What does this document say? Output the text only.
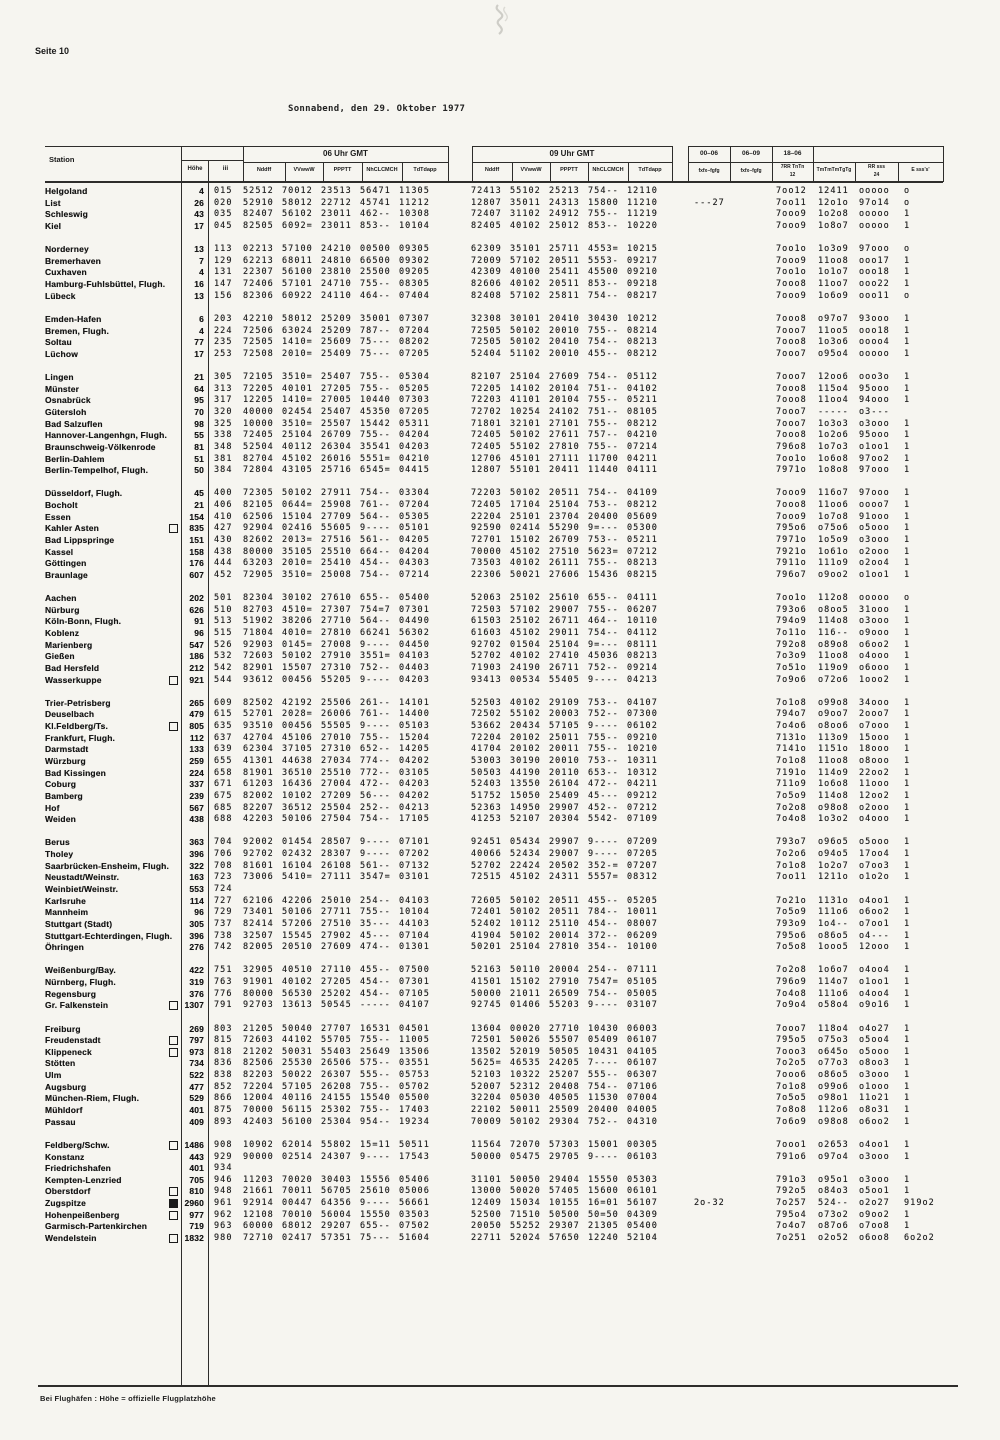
Seite 10
Sonnabend, den 29. Oktober 1977
Station
Höhe	iii
06 Uhr GMT	09 Uhr GMT
Nddff	VVwwW	PPPTT	NhCLCMCH	TdTdapp	Nddff	VVwwW	PPPTT	NhCLCMCH	TdTdapp
00–06	06–09	18–06
fxfx–fgfg	fxfx–fgfg
7RR TnTn
12
TmTmTmTgTg	RR sss
24
E sss's'
Helgoland	4 015	52512 70012 23513 56471 11305	72413 55102 25213 754-- 12110	7oo12 12411 ooooo o
List	26 020	52910 58012 22712 45741 11212	12807 35011 24313 15800 11210	---27	7oo11 12o1o 97o14 o
Schleswig	43 035	82407 56102 23011 462-- 10308	72407 31102 24912 755-- 11219	7ooo9 1o2o8 ooooo 1
Kiel	17 045	82505 6092= 23011 853-- 10104	82405 40102 25012 853-- 10220	7ooo9 1o8o7 ooooo 1
Norderney	13 113	02213 57100 24210 00500 09305	62309 35101 25711 4553= 10215	7oo1o 1o3o9 97ooo o
Bremerhaven	7 129	62213 68011 24810 66500 09302	72009 57102 20511 5553- 09217	7ooo9 11oo8 ooo17 1
Cuxhaven	4 131	22307 56100 23810 25500 09205	42309 40100 25411 45500 09210	7oo1o 1o1o7 ooo18 1
Hamburg-Fuhlsbüttel, Flugh.	16 147	72406 57101 24710 755-- 08305	82606 40102 20511 853-- 09218	7ooo8 11oo7 ooo22 1
Lübeck	13 156	82306 60922 24110 464-- 07404	82408 57102 25811 754-- 08217	7ooo9 1o6o9 ooo11 o
Emden-Hafen	6 203	42210 58012 25209 35001 07307	32308 30101 20410 30430 10212	7ooo8 o97o7 93ooo 1
Bremen, Flugh.	4 224	72506 63024 25209 787-- 07204	72505 50102 20010 755-- 08214	7ooo7 11oo5 ooo18 1
Soltau	77 235	72505 1410= 25609 75--- 08202	72505 50102 20410 754-- 08213	7ooo8 1o3o6 oooo4 1
Lüchow	17 253	72508 2010= 25409 75--- 07205	52404 51102 20010 455-- 08212	7ooo7 o95o4 ooooo 1
Lingen	21 305	72105 3510= 25407 755-- 05304	82107 25104 27609 754-- 05112	7ooo7 12oo6 ooo3o 1
Münster	64 313	72205 40101 27205 755-- 05205	72205 14102 20104 751-- 04102	7ooo8 115o4 95ooo 1
Osnabrück	95 317	12205 1410= 27005 10440 07303	72203 41101 20104 755-- 05211	7ooo8 11oo4 94ooo 1
Gütersloh	70 320	40000 02454 25407 45350 07205	72702 10254 24102 751-- 08105	7ooo7 ----- o3---
Bad Salzuflen	98 325	10000 3510= 25507 15442 05311	71801 32101 27101 755-- 08212	7ooo7 1o3o3 o3ooo 1
Hannover-Langenhgn, Flugh.	55 338	72405 25104 26709 755-- 04204	72405 50102 27611 757-- 04210	7ooo8 1o2o6 95ooo 1
Braunschweig-Völkenrode	81 348	52504 40112 26304 35541 04203	72405 55102 27810 755-- 07214	796o8 1o7o3 o1oo1 1
Berlin-Dahlem	51 381	82704 45102 26016 5551= 04210	12706 45101 27111 11700 04211	7oo1o 1o6o8 97oo2 1
Berlin-Tempelhof, Flugh.	50 384	72804 43105 25716 6545= 04415	12807 55101 20411 11440 04111	7971o 1o8o8 97ooo 1
Düsseldorf, Flugh.	45 400	72305 50102 27911 754-- 03304	72203 50102 20511 754-- 04109	7ooo9 116o7 97ooo 1
Bocholt	21 406	82105 0644= 25908 761-- 07204	72405 17104 25104 753-- 08212	7ooo8 11oo6 oooo7 1
Essen	154 410	62506 15104 27709 564-- 05305	22204 25101 23704 20400 05609	7ooo9 1o7o8 91ooo 1
Kahler Asten	835 427	92904 02416 55605 9---- 05101	92590 02414 55290 9=--- 05300	795o6 o75o6 o5ooo 1
Bad Lippspringe	151 430	82602 2013= 27516 561-- 04205	72701 15102 26709 753-- 05211	7971o 1o5o9 o3ooo 1
Kassel	158 438	80000 35105 25510 664-- 04204	70000 45102 27510 5623= 07212	7921o 1o61o o2ooo 1
Göttingen	176 444	63203 2010= 25410 454-- 04303	73503 40102 26111 755-- 08213	7911o 111o9 o2oo4 1
Braunlage	607 452	72905 3510= 25008 754-- 07214	22306 50021 27606 15436 08215	796o7 o9oo2 o1oo1 1
Aachen	202 501	82304 30102 27610 655-- 05400	52063 25102 25610 655-- 04111	7oo1o 112o8 ooooo o
Nürburg	626 510	82703 4510= 27307 754=7 07301	72503 57102 29007 755-- 06207	793o6 o8oo5 31ooo 1
Köln-Bonn, Flugh.	91 513	51902 38206 27710 564-- 04490	61503 25102 26711 464-- 10110	794o9 114o8 o3ooo 1
Koblenz	96 515	71804 4010= 27810 66241 56302	61603 45102 29011 754-- 04112	7o11o 116-- o9ooo 1
Marienberg	547 526	92903 0145= 27008 9---- 04450	92702 01504 25104 9=--- 08111	792o8 o89o8 o6oo2 1
Gießen	186 532	72603 50102 27910 3551= 04103	52702 40102 27410 45036 08213	7o3o9 11oo8 o4ooo 1
Bad Hersfeld	212 542	82901 15507 27310 752-- 04403	71903 24190 26711 752-- 09214	7o51o 119o9 o6ooo 1
Wasserkuppe	921 544	93612 00456 55205 9---- 04203	93413 00534 55405 9---- 04213	7o9o6 o72o6 1ooo2 1
Trier-Petrisberg	265 609	82502 42192 25506 261-- 14101	52503 40102 29109 753-- 04107	7o1o8 o99o8 34ooo 1
Deuselbach	479 615	52701 2028= 26006 761-- 14400	72502 55102 20003 752-- 07300	794o7 o9oo7 2ooo7 1
Kl.Feldberg/Ts.	805 635	93510 00456 55505 9---- 05103	53662 20434 57105 9---- 06102	7o4o6 o8oo6 o7ooo 1
Frankfurt, Flugh.	112 637	42704 45106 27010 755-- 15204	72204 20102 25011 755-- 09210	7131o 113o9 15ooo 1
Darmstadt	133 639	62304 37105 27310 652-- 14205	41704 20102 20011 755-- 10210	7141o 1151o 18ooo 1
Würzburg	259 655	41301 44638 27034 774-- 04202	53003 30190 20010 753-- 10311	7o1o8 11oo8 o8ooo 1
Bad Kissingen	224 658	81901 36510 25510 772-- 03105	50503 44190 20110 653-- 10312	7191o 114o9 22oo2 1
Coburg	337 671	61203 16436 27004 472-- 04203	52403 13550 26104 472-- 04211	711o9 1o6o8 11ooo 1
Bamberg	239 675	82002 10102 27209 56--- 04202	51752 15050 25409 45--- 09212	7o5o9 114o8 12oo2 1
Hof	567 685	82207 36512 25504 252-- 04213	52363 14950 29907 452-- 07212	7o2o8 o98o8 o2ooo 1
Weiden	438 688	42203 50106 27504 754-- 17105	41253 52107 20304 5542- 07109	7o4o8 1o3o2 o4ooo 1
Berus	363 704	92002 01454 28507 9---- 07101	92451 05434 29907 9---- 07209	793o7 o96o5 o5ooo 1
Tholey	396 706	92702 02432 28307 9---- 07202	40066 52434 29007 9---- 07205	7o2o6 o94o5 17oo4 1
Saarbrücken-Ensheim, Flugh.	322 708	81601 16104 26108 561-- 07132	52702 22424 20502 352-= 07207	7o1o8 1o2o7 o7oo3 1
Neustadt/Weinstr.	163 723	73006 5410= 27111 3547= 03101	72515 45102 24311 5557= 08312	7oo11 1211o o1o2o 1
Weinbiet/Weinstr.	553 724
Karlsruhe	114 727	62106 42206 25010 254-- 04103	72605 50102 20511 455-- 05205	7o21o 1131o o4oo1 1
Mannheim	96 729	73401 50106 27711 755-- 10104	72401 50102 20511 784-- 10011	7o5o9 111o6 o6oo2 1
Stuttgart (Stadt)	305 737	82414 57206 27510 35--- 44103	52402 10112 25110 454-- 08007	793o9 1o4-- o7oo1 1
Stuttgart-Echterdingen, Flugh.	396 738	32507 15545 27902 45--- 07104	41904 50102 20014 372-- 06209	795o6 o86o5 o4--- 1
Öhringen	276 742	82005 20510 27609 474-- 01301	50201 25104 27810 354-- 10100	7o5o8 1ooo5 12ooo 1
Weißenburg/Bay.	422 751	32905 40510 27110 455-- 07500	52163 50110 20004 254-- 07111	7o2o8 1o6o7 o4oo4 1
Nürnberg, Flugh.	319 763	91901 40102 27205 454-- 07301	41501 15102 27910 7547= 05105	796o9 114o7 o1oo1 1
Regensburg	376 776	80000 56530 25202 454-- 07105	50000 21011 26509 754-- 05005	7o4o8 111o6 o4oo4 1
Gr. Falkenstein	1307 791	92703 13613 50545 ----- 04107	92745 01406 55203 9---- 03107	7o9o4 o58o4 o9o16 1
Freiburg	269 803	21205 50040 27707 16531 04501	13604 00020 27710 10430 06003	7ooo7 118o4 o4o27 1
Freudenstadt	797 815	72603 44102 55705 755-- 11005	72501 50026 55507 05409 06107	795o5 o75o3 o5oo4 1
Klippeneck	973 818	21202 50031 55403 25649 13506	13502 52019 50505 10431 04105	7ooo3 o645o o5ooo 1
Stötten	734 836	82506 25530 26506 575-- 03551	5625= 46535 24205 7---- 06107	7o2o5 o77o3 o8oo3 1
Ulm	522 838	82203 50022 26307 555-- 05753	52103 10322 25207 555-- 06307	7ooo6 o86o5 o3ooo 1
Augsburg	477 852	72204 57105 26208 755-- 05702	52007 52312 20408 754-- 07106	7o1o8 o99o6 o1ooo 1
München-Riem, Flugh.	529 866	12004 40116 24155 15540 05500	32204 05030 40505 11530 07004	7o5o5 o98o1 11o21 1
Mühldorf	401 875	70000 56115 25302 755-- 17403	22102 50011 25509 20400 04005	7o8o8 112o6 o8o31 1
Passau	409 893	42403 56100 25304 954-- 19234	70009 50102 29304 752-- 04310	7o6o9 o98o8 o6oo2 1
Feldberg/Schw.	1486 908	10902 62014 55802 15=11 50511	11564 72070 57303 15001 00305	7ooo1 o2653 o4oo1 1
Konstanz	443 929	90000 02514 24307 9---- 17543	50000 05475 29705 9---- 06103	791o6 o97o4 o3ooo 1
Friedrichshafen	401 934
Kempten-Lenzried	705 946	11203 70020 30403 15556 05406	31101 50050 29404 15550 05303	791o3 o95o1 o3ooo 1
Oberstdorf	810 948	21661 70011 56705 25610 05006	13000 50020 57405 15600 06101	792o5 o84o3 o5oo1 1
Zugspitze	2960 961	92914 00447 64356 9---- 56661	12409 15034 10155 16=01 56107	2o-32	7o257 524-- o2o27 919o2
Hohenpeißenberg	977 962	12108 70010 56004 15550 03503	52500 71510 50500 50=50 04309	795o4 o73o2 o9oo2 1
Garmisch-Partenkirchen	719 963	60000 68012 29207 655-- 07502	20050 55252 29307 21305 05400	7o4o7 o87o6 o7oo8 1
Wendelstein	1832 980	72710 02417 57351 75--- 51604	22711 52024 57650 12240 52104	7o251 o2o52 o6oo8 6o2o2
Bei Flughäfen : Höhe = offizielle Flugplatzhöhe
